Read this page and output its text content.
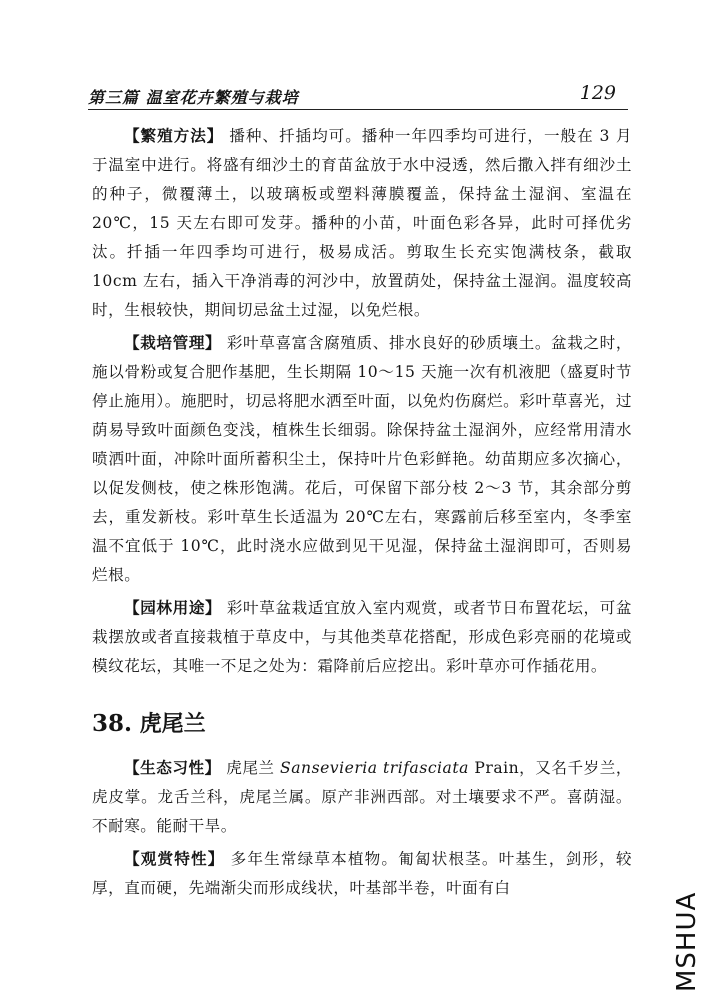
第三篇 温室花卉繁殖与栽培	129

【繁殖方法】 播种、扦插均可。播种一年四季均可进行，一般在 3 月于温室中进行。将盛有细沙土的育苗盆放于水中浸透，然后撒入拌有细沙土的种子，微覆薄土，以玻璃板或塑料薄膜覆盖，保持盆土湿润、室温在 20℃，15 天左右即可发芽。播种的小苗，叶面色彩各异，此时可择优劣汰。扦插一年四季均可进行，极易成活。剪取生长充实饱满枝条，截取 10cm 左右，插入干净消毒的河沙中，放置荫处，保持盆土湿润。温度较高时，生根较快，期间切忌盆土过湿，以免烂根。

【栽培管理】 彩叶草喜富含腐殖质、排水良好的砂质壤土。盆栽之时，施以骨粉或复合肥作基肥，生长期隔 10～15 天施一次有机液肥（盛夏时节停止施用）。施肥时，切忌将肥水洒至叶面，以免灼伤腐烂。彩叶草喜光，过荫易导致叶面颜色变浅，植株生长细弱。除保持盆土湿润外，应经常用清水喷洒叶面，冲除叶面所蓄积尘土，保持叶片色彩鲜艳。幼苗期应多次摘心，以促发侧枝，使之株形饱满。花后，可保留下部分枝 2～3 节，其余部分剪去，重发新枝。彩叶草生长适温为 20℃左右，寒露前后移至室内，冬季室温不宜低于 10℃，此时浇水应做到见干见湿，保持盆土湿润即可，否则易烂根。

【园林用途】 彩叶草盆栽适宜放入室内观赏，或者节日布置花坛，可盆栽摆放或者直接栽植于草皮中，与其他类草花搭配，形成色彩亮丽的花境或模纹花坛，其唯一不足之处为：霜降前后应挖出。彩叶草亦可作插花用。

38. 虎尾兰

【生态习性】 虎尾兰 Sansevieria trifasciata Prain，又名千岁兰，虎皮掌。龙舌兰科，虎尾兰属。原产非洲西部。对土壤要求不严。喜荫湿。不耐寒。能耐干旱。

【观赏特性】 多年生常绿草本植物。匍匐状根茎。叶基生，剑形，较厚，直而硬，先端渐尖而形成线状，叶基部半卷，叶面有白

MSHUA
